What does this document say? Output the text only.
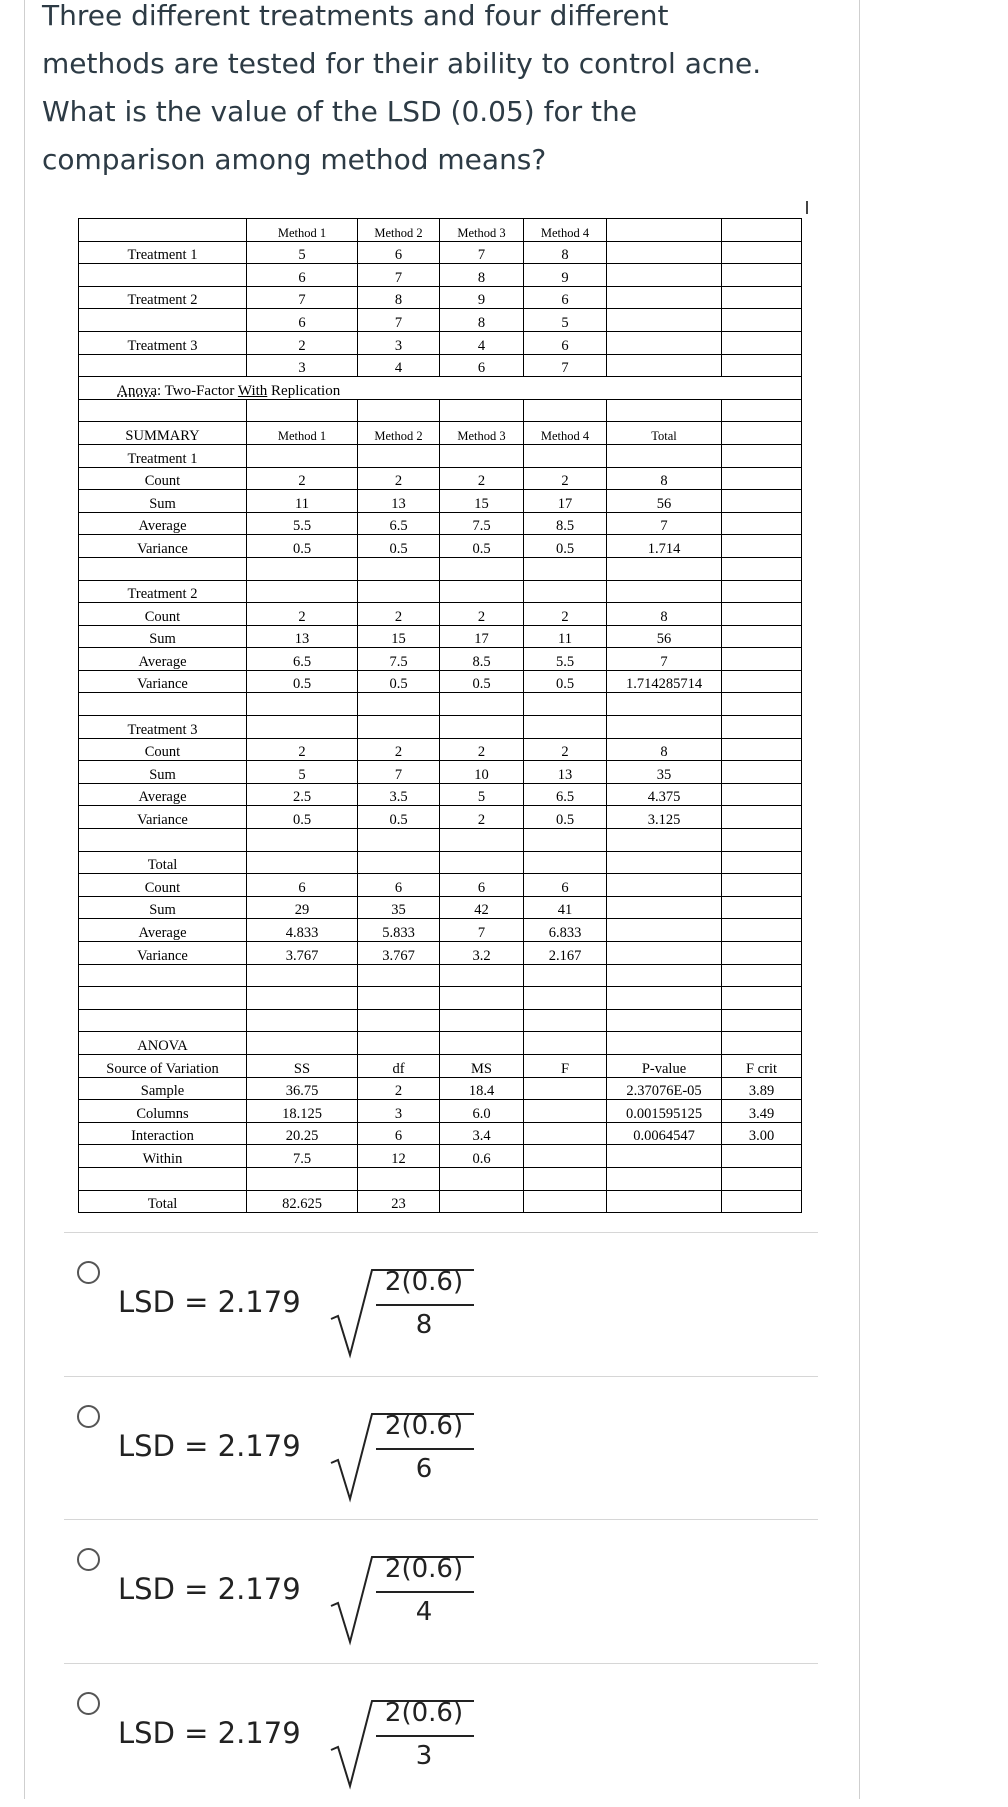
Three different treatments and four different methods are tested for their ability to control acne. What is the value of the LSD (0.05) for the comparison among method means?

	Method 1	Method 2	Method 3	Method 4		
Treatment 1	5	6	7	8		
	6	7	8	9		
Treatment 2	7	8	9	6		
	6	7	8	5		
Treatment 3	2	3	4	6		
	3	4	6	7		
Anova: Two-Factor With Replication						

SUMMARY	Method 1	Method 2	Method 3	Method 4	Total	
Treatment 1						
Count	2	2	2	2	8	
Sum	11	13	15	17	56	
Average	5.5	6.5	7.5	8.5	7	
Variance	0.5	0.5	0.5	0.5	1.714	

Treatment 2						
Count	2	2	2	2	8	
Sum	13	15	17	11	56	
Average	6.5	7.5	8.5	5.5	7	
Variance	0.5	0.5	0.5	0.5	1.714285714	

Treatment 3						
Count	2	2	2	2	8	
Sum	5	7	10	13	35	
Average	2.5	3.5	5	6.5	4.375	
Variance	0.5	0.5	2	0.5	3.125	

Total						
Count	6	6	6	6		
Sum	29	35	42	41		
Average	4.833	5.833	7	6.833		
Variance	3.767	3.767	3.2	2.167		

ANOVA						
Source of Variation	SS	df	MS	F	P-value	F crit
Sample	36.75	2	18.4		2.37076E-05	3.89
Columns	18.125	3	6.0		0.001595125	3.49
Interaction	20.25	6	3.4		0.0064547	3.00
Within	7.5	12	0.6			

Total	82.625	23				
LSD = 2.179
2(0.6)
8
LSD = 2.179
2(0.6)
6
LSD = 2.179
2(0.6)
4
LSD = 2.179
2(0.6)
3
